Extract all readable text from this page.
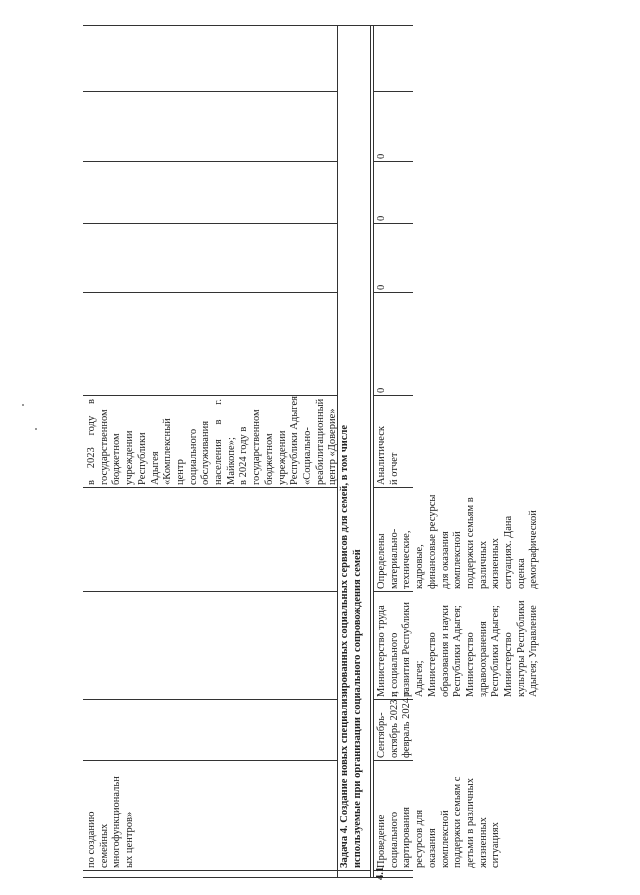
по созданию семейных многофункциональн ых центров»
в 2023 году в государственном бюджетном учреждении Республики Адыгея «Комплексный центр социального обслуживания населения в г. Майкопе»; в 2024 году в государственном бюджетном учреждении Республики Адыгея «Социально- реабилитационный центр «Доверие» Задача 4. Создание новых специализированных социальных сервисов для семей, в том числе используемые при организации социального сопровождения семей
4.1
Проведение социального картирования ресурсов для оказания комплексной поддержки семьям с детьми в различных жизненных ситуациях
Сентябрь- октябрь 2023 г, февраль 2024 г
Министерство труда и социального развития Республики Адыгея; Министерство образования и науки Республики Адыгея; Министерство здравоохранения Республики Адыгея; Министерство культуры Республики Адыгея; Управление
Определены материально- технические, кадровые, финансовые ресурсы для оказания комплексной поддержки семьям в различных жизненных ситуациях. Дана оценка демографической
Аналитическ й отчет
0
0
0
0
